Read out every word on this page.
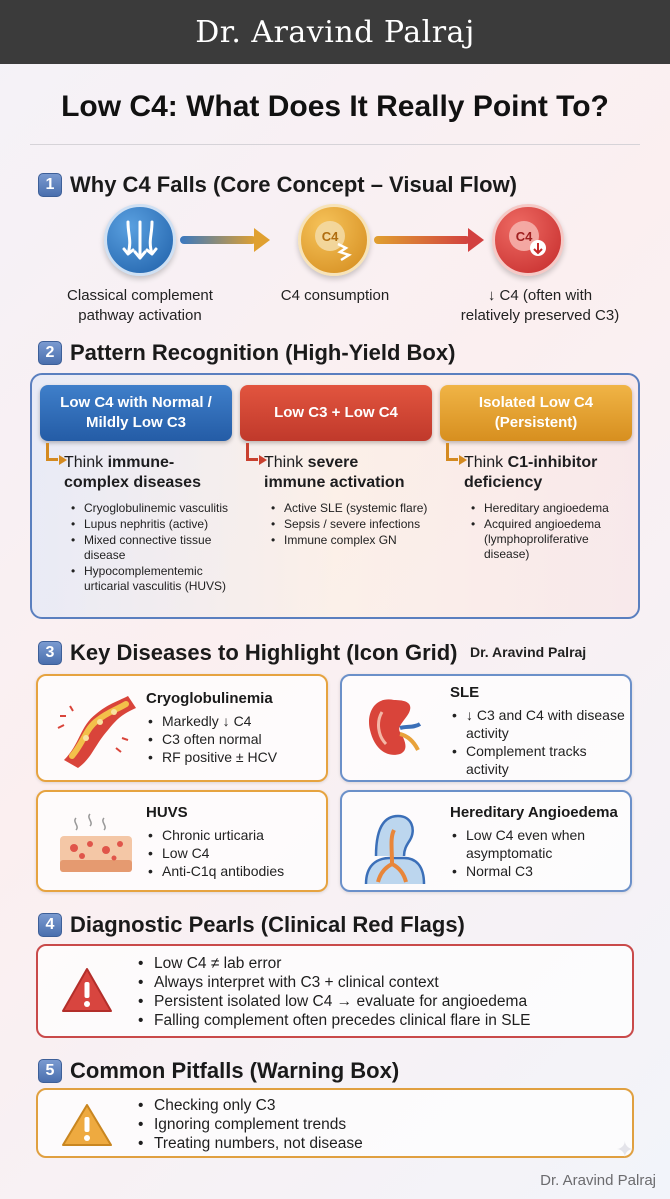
Dr. Aravind Palraj
Low C4: What Does It Really Point To?
1 Why C4 Falls (Core Concept – Visual Flow)
C4	C4
Classical complement
pathway activation
C4 consumption	↓ C4 (often with
relatively preserved C3)
2 Pattern Recognition (High-Yield Box)
Low C4 with Normal /
Mildly Low C3
Think immune-
complex diseases
• Cryoglobulinemic vasculitis
• Lupus nephritis (active)
• Mixed connective tissue disease
• Hypocomplementemic urticarial vasculitis (HUVS)
Low C3 + Low C4
Think severe
immune activation
• Active SLE (systemic flare)
• Sepsis / severe infections
• Immune complex GN
Isolated Low C4
(Persistent)
Think C1-inhibitor
deficiency
• Hereditary angioedema
• Acquired angioedema (lymphoproliferative disease)
3 Key Diseases to Highlight (Icon Grid) Dr. Aravind Palraj
Cryoglobulinemia
• Markedly ↓ C4
• C3 often normal
• RF positive ± HCV
SLE
• ↓ C3 and C4 with disease activity
• Complement tracks activity
HUVS
• Chronic urticaria
• Low C4
• Anti-C1q antibodies
Hereditary Angioedema
• Low C4 even when asymptomatic
• Normal C3
4 Diagnostic Pearls (Clinical Red Flags)
• Low C4 ≠ lab error
• Always interpret with C3 + clinical context
• Persistent isolated low C4 → evaluate for angioedema
• Falling complement often precedes clinical flare in SLE
5 Common Pitfalls (Warning Box)
• Checking only C3
• Ignoring complement trends
• Treating numbers, not disease	✦
Dr. Aravind Palraj
